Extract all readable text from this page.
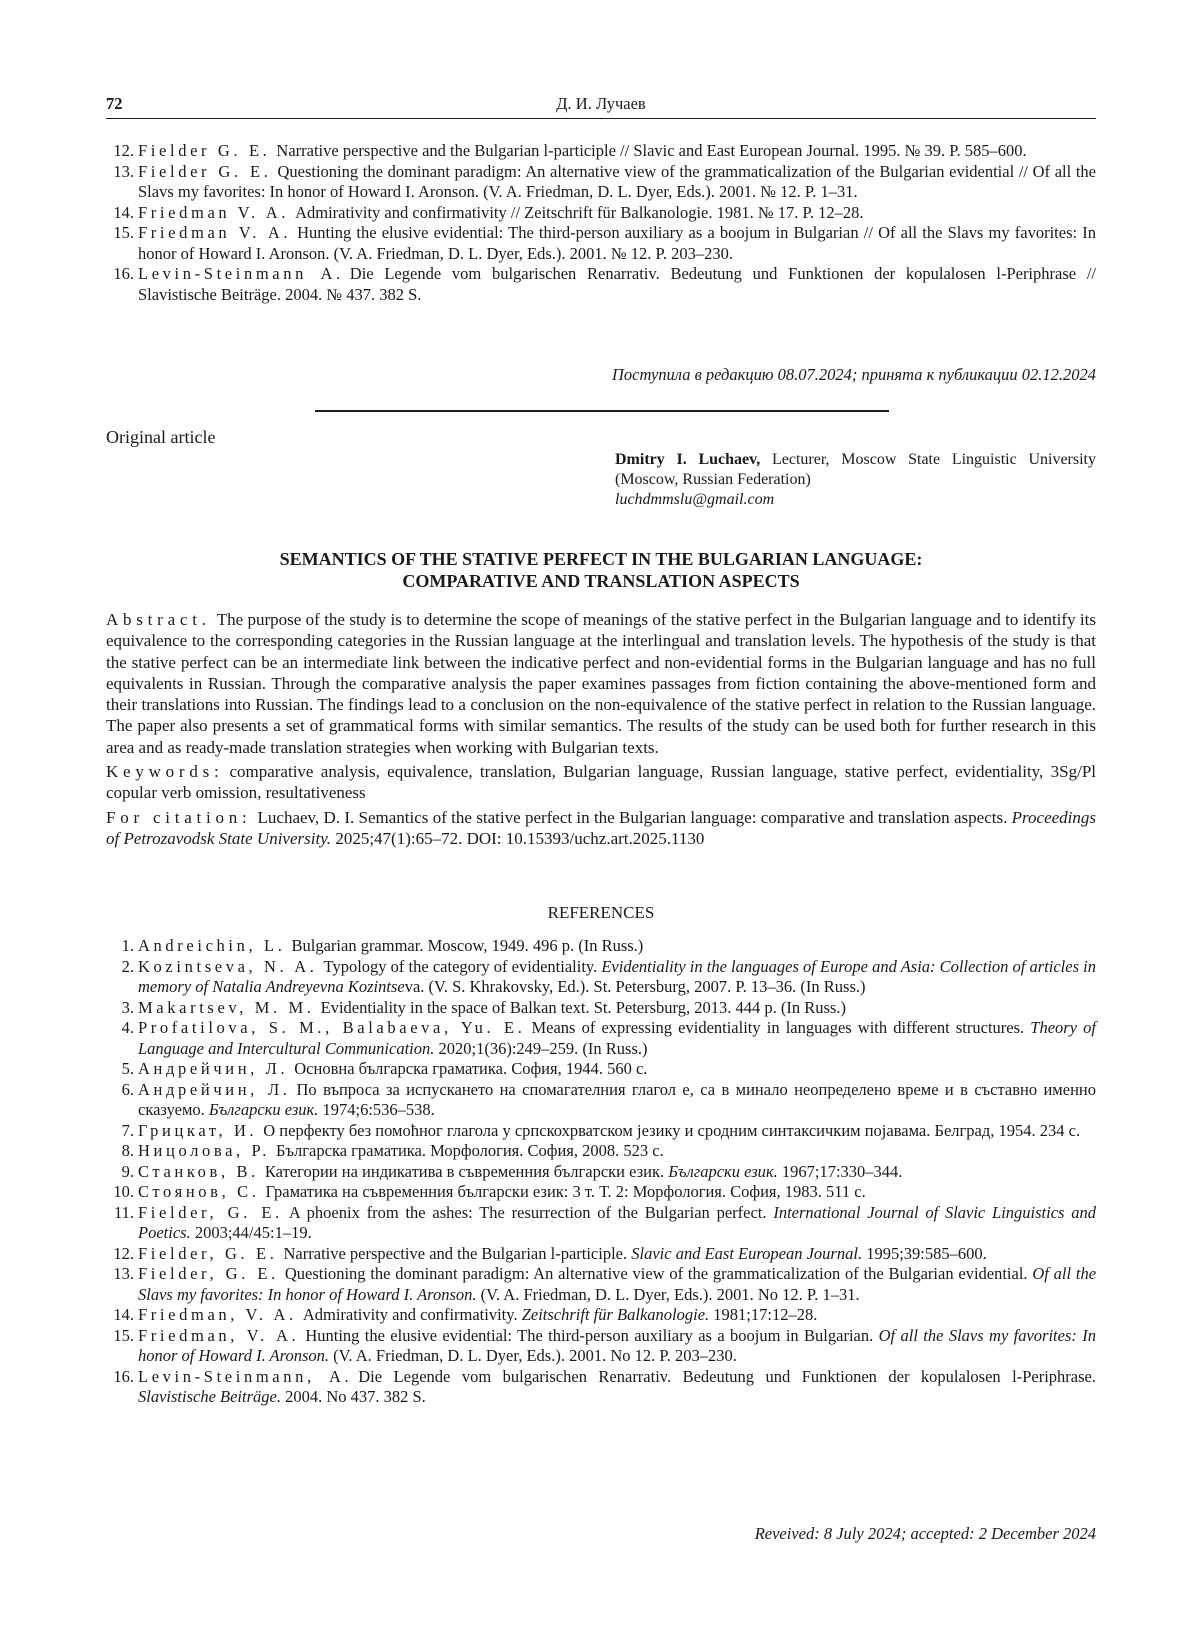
72	Д. И. Лучаев
12. Fielder G. E. Narrative perspective and the Bulgarian l-participle // Slavic and East European Journal. 1995. № 39. P. 585–600.
13. Fielder G. E. Questioning the dominant paradigm: An alternative view of the grammaticalization of the Bulgarian evidential // Of all the Slavs my favorites: In honor of Howard I. Aronson. (V. A. Friedman, D. L. Dyer, Eds.). 2001. № 12. P. 1–31.
14. Friedman V. A. Admirativity and confirmativity // Zeitschrift für Balkanologie. 1981. № 17. P. 12–28.
15. Friedman V. A. Hunting the elusive evidential: The third-person auxiliary as a boojum in Bulgarian // Of all the Slavs my favorites: In honor of Howard I. Aronson. (V. A. Friedman, D. L. Dyer, Eds.). 2001. № 12. P. 203–230.
16. Levin-Steinmann A. Die Legende vom bulgarischen Renarrativ. Bedeutung und Funktionen der kopulalosen l-Periphrase // Slavistische Beiträge. 2004. № 437. 382 S.
Поступила в редакцию 08.07.2024; принята к публикации 02.12.2024
Original article
Dmitry I. Luchaev, Lecturer, Moscow State Linguistic University (Moscow, Russian Federation)
luchdmmslu@gmail.com
SEMANTICS OF THE STATIVE PERFECT IN THE BULGARIAN LANGUAGE:
COMPARATIVE AND TRANSLATION ASPECTS

Abstract. The purpose of the study is to determine the scope of meanings of the stative perfect in the Bulgarian language and to identify its equivalence to the corresponding categories in the Russian language at the interlingual and translation levels. The hypothesis of the study is that the stative perfect can be an intermediate link between the indicative perfect and non-evidential forms in the Bulgarian language and has no full equivalents in Russian. Through the comparative analysis the paper examines passages from fiction containing the above-mentioned form and their translations into Russian. The findings lead to a conclusion on the non-equivalence of the stative perfect in relation to the Russian language. The paper also presents a set of grammatical forms with similar semantics. The results of the study can be used both for further research in this area and as ready-made translation strategies when working with Bulgarian texts.

Keywords: comparative analysis, equivalence, translation, Bulgarian language, Russian language, stative perfect, evidentiality, 3Sg/Pl copular verb omission, resultativeness

For citation: Luchaev, D. I. Semantics of the stative perfect in the Bulgarian language: comparative and translation aspects. Proceedings of Petrozavodsk State University. 2025;47(1):65–72. DOI: 10.15393/uchz.art.2025.1130

REFERENCES
1. Andreichin, L. Bulgarian grammar. Moscow, 1949. 496 p. (In Russ.)
2. Kozintseva, N. A. Typology of the category of evidentiality. Evidentiality in the languages of Europe and Asia: Collection of articles in memory of Natalia Andreyevna Kozintseva. (V. S. Khrakovsky, Ed.). St. Petersburg, 2007. P. 13–36. (In Russ.)
3. Makartsev, M. M. Evidentiality in the space of Balkan text. St. Petersburg, 2013. 444 p. (In Russ.)
4. Profatilova, S. M., Balabaeva, Yu. E. Means of expressing evidentiality in languages with different structures. Theory of Language and Intercultural Communication. 2020;1(36):249–259. (In Russ.)
5. Андрейчин, Л. Основна българска граматика. София, 1944. 560 с.
6. Андрейчин, Л. По въпроса за испускането на спомагателния глагол е, са в минало неопределено време и в съставно именно сказуемо. Български език. 1974;6:536–538.
7. Грицкат, И. О перфекту без помоћног глагола у српскохрватском језику и сродним синтаксичким појавама. Белград, 1954. 234 с.
8. Ницолова, Р. Българска граматика. Морфология. София, 2008. 523 с.
9. Станков, В. Категории на индикатива в съвременния български език. Български език. 1967;17:330–344.
10. Стоянов, С. Граматика на съвременния български език: 3 т. Т. 2: Морфология. София, 1983. 511 с.
11. Fielder, G. E. A phoenix from the ashes: The resurrection of the Bulgarian perfect. International Journal of Slavic Linguistics and Poetics. 2003;44/45:1–19.
12. Fielder, G. E. Narrative perspective and the Bulgarian l-participle. Slavic and East European Journal. 1995;39:585–600.
13. Fielder, G. E. Questioning the dominant paradigm: An alternative view of the grammaticalization of the Bulgarian evidential. Of all the Slavs my favorites: In honor of Howard I. Aronson. (V. A. Friedman, D. L. Dyer, Eds.). 2001. No 12. P. 1–31.
14. Friedman, V. A. Admirativity and confirmativity. Zeitschrift für Balkanologie. 1981;17:12–28.
15. Friedman, V. A. Hunting the elusive evidential: The third-person auxiliary as a boojum in Bulgarian. Of all the Slavs my favorites: In honor of Howard I. Aronson. (V. A. Friedman, D. L. Dyer, Eds.). 2001. No 12. P. 203–230.
16. Levin-Steinmann, A. Die Legende vom bulgarischen Renarrativ. Bedeutung und Funktionen der kopulalosen l-Periphrase. Slavistische Beiträge. 2004. No 437. 382 S.
Reveived: 8 July 2024; accepted: 2 December 2024
